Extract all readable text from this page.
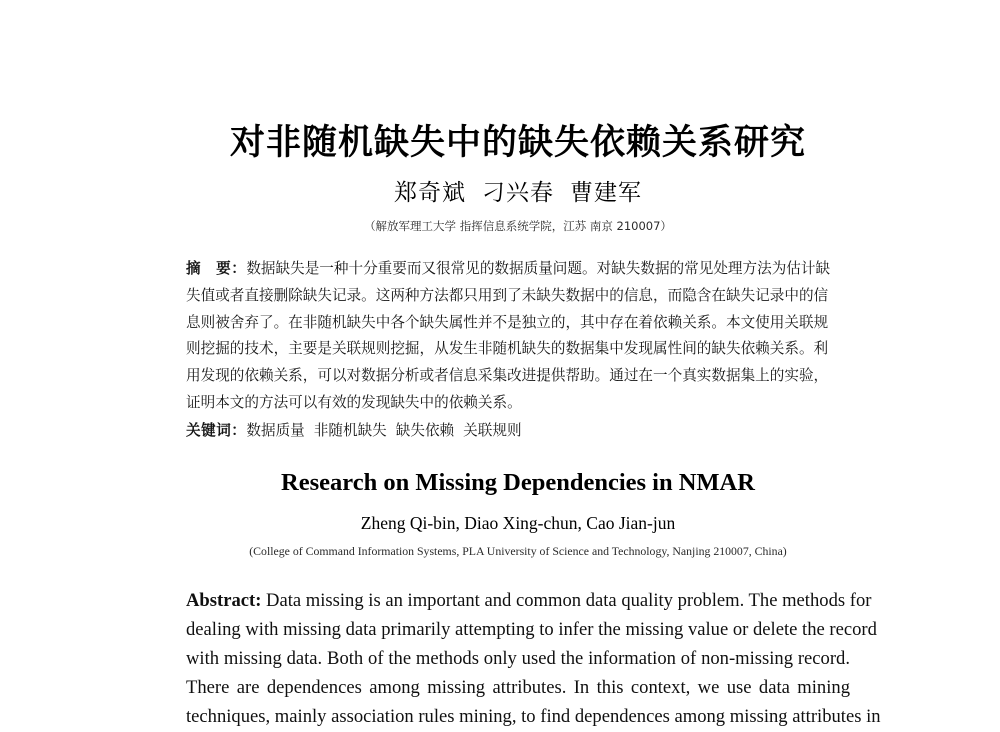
对非随机缺失中的缺失依赖关系研究
郑奇斌 刁兴春 曹建军
（解放军理工大学 指挥信息系统学院，江苏 南京 210007）

摘 要：数据缺失是一种十分重要而又很常见的数据质量问题。对缺失数据的常见处理方法为估计缺

失值或者直接删除缺失记录。这两种方法都只用到了未缺失数据中的信息，而隐含在缺失记录中的信

息则被舍弃了。在非随机缺失中各个缺失属性并不是独立的，其中存在着依赖关系。本文使用关联规

则挖掘的技术，主要是关联规则挖掘，从发生非随机缺失的数据集中发现属性间的缺失依赖关系。利

用发现的依赖关系，可以对数据分析或者信息采集改进提供帮助。通过在一个真实数据集上的实验，

证明本文的方法可以有效的发现缺失中的依赖关系。

关键词：数据质量 非随机缺失 缺失依赖 关联规则
Research on Missing Dependencies in NMAR
Zheng Qi-bin, Diao Xing-chun, Cao Jian-jun
(College of Command Information Systems, PLA University of Science and Technology, Nanjing 210007, China)

Abstract: Data missing is an important and common data quality problem. The methods for
dealing with missing data primarily attempting to infer the missing value or delete the record
with missing data. Both of the methods only used the information of non-missing record.
There are dependences among missing attributes. In this context, we use data mining
techniques, mainly association rules mining, to find dependences among missing attributes in
